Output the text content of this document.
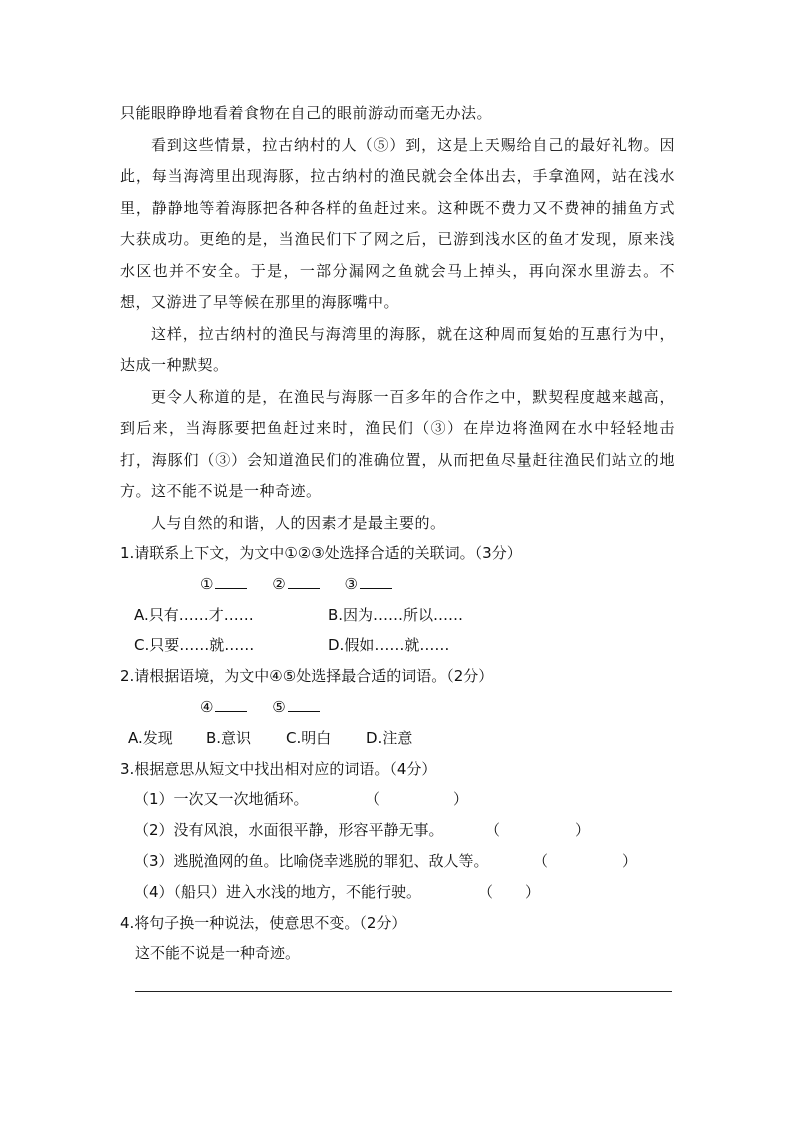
只能眼睁睁地看着食物在自己的眼前游动而毫无办法。

看到这些情景，拉古纳村的人（⑤）到，这是上天赐给自己的最好礼物。因此，每当海湾里出现海豚，拉古纳村的渔民就会全体出去，手拿渔网，站在浅水里，静静地等着海豚把各种各样的鱼赶过来。这种既不费力又不费神的捕鱼方式大获成功。更绝的是，当渔民们下了网之后，已游到浅水区的鱼才发现，原来浅水区也并不安全。于是，一部分漏网之鱼就会马上掉头，再向深水里游去。不想，又游进了早等候在那里的海豚嘴中。

这样，拉古纳村的渔民与海湾里的海豚，就在这种周而复始的互惠行为中，达成一种默契。

更令人称道的是，在渔民与海豚一百多年的合作之中，默契程度越来越高，到后来，当海豚要把鱼赶过来时，渔民们（③）在岸边将渔网在水中轻轻地击打，海豚们（③）会知道渔民们的准确位置，从而把鱼尽量赶往渔民们站立的地方。这不能不说是一种奇迹。

人与自然的和谐，人的因素才是最主要的。

1.请联系上下文，为文中①②③处选择合适的关联词。（3分）
①	②	③
A.只有……才……	B.因为……所以……
C.只要……就……	D.假如……就……
2.请根据语境，为文中④⑤处选择最合适的词语。（2分）
④	⑤
A.发现 B.意识 C.明白 D.注意
3.根据意思从短文中找出相对应的词语。（4分）
（1）一次又一次地循环。	（	）
（2）没有风浪，水面很平静，形容平静无事。	（	）
（3）逃脱渔网的鱼。比喻侥幸逃脱的罪犯、敌人等。	（	）
（4）（船只）进入水浅的地方，不能行驶。	（ ）
4.将句子换一种说法，使意思不变。（2分）
这不能不说是一种奇迹。
